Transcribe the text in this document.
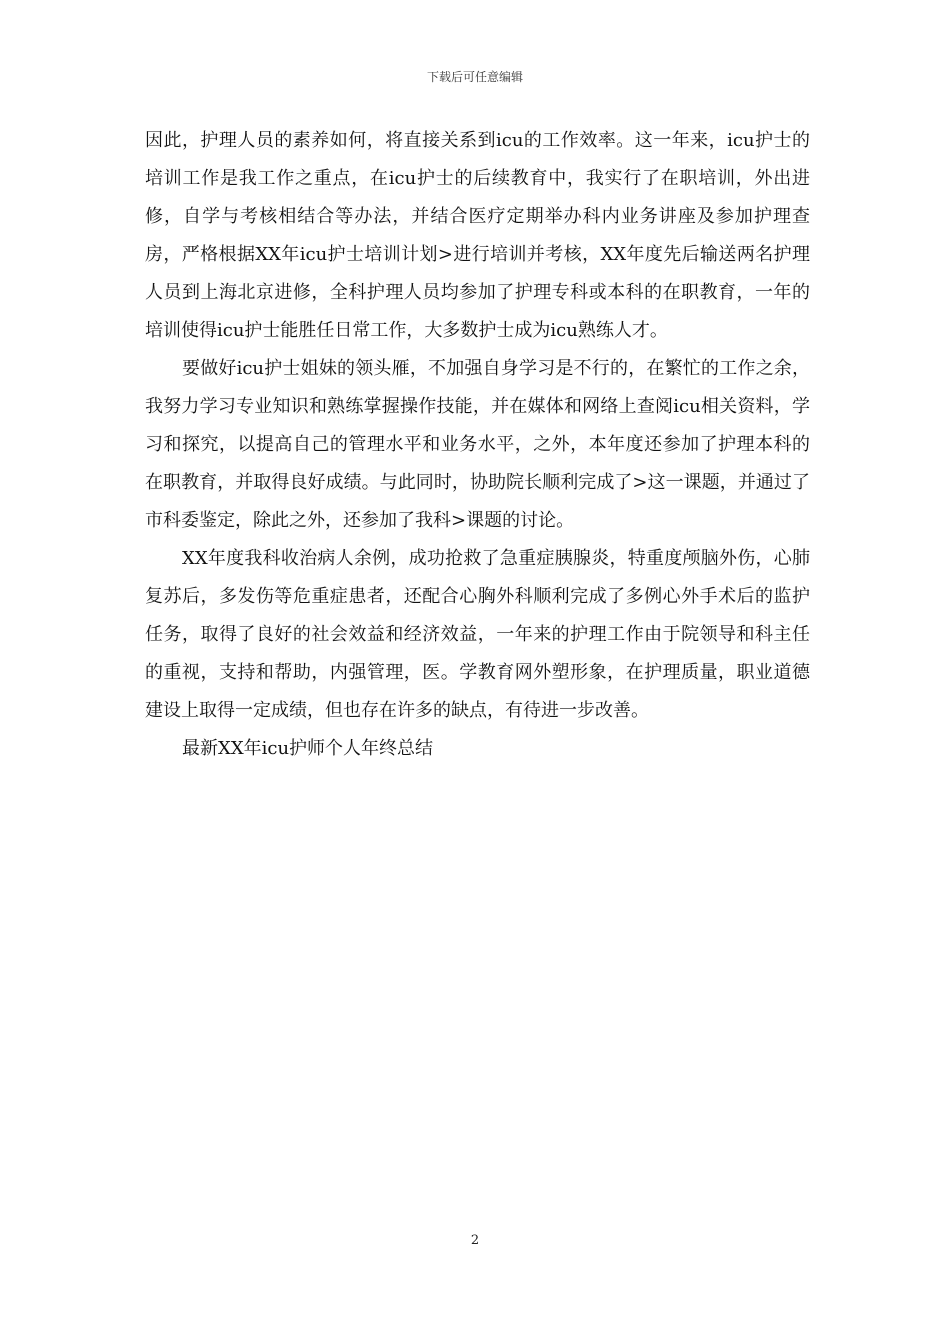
下载后可任意编辑

因此，护理人员的素养如何，将直接关系到icu的工作效率。这一年来，icu护士的培训工作是我工作之重点，在icu护士的后续教育中，我实行了在职培训，外出进修，自学与考核相结合等办法，并结合医疗定期举办科内业务讲座及参加护理查房，严格根据XX年icu护士培训计划>进行培训并考核，XX年度先后输送两名护理人员到上海北京进修，全科护理人员均参加了护理专科或本科的在职教育，一年的培训使得icu护士能胜任日常工作，大多数护士成为icu熟练人才。

要做好icu护士姐妹的领头雁，不加强自身学习是不行的，在繁忙的工作之余，我努力学习专业知识和熟练掌握操作技能，并在媒体和网络上查阅icu相关资料，学习和探究，以提高自己的管理水平和业务水平，之外，本年度还参加了护理本科的在职教育，并取得良好成绩。与此同时，协助院长顺利完成了>这一课题，并通过了市科委鉴定，除此之外，还参加了我科>课题的讨论。

XX年度我科收治病人余例，成功抢救了急重症胰腺炎，特重度颅脑外伤，心肺复苏后，多发伤等危重症患者，还配合心胸外科顺利完成了多例心外手术后的监护任务，取得了良好的社会效益和经济效益，一年来的护理工作由于院领导和科主任的重视，支持和帮助，内强管理，医。学教育网外塑形象，在护理质量，职业道德建设上取得一定成绩，但也存在许多的缺点，有待进一步改善。

最新XX年icu护师个人年终总结

2
